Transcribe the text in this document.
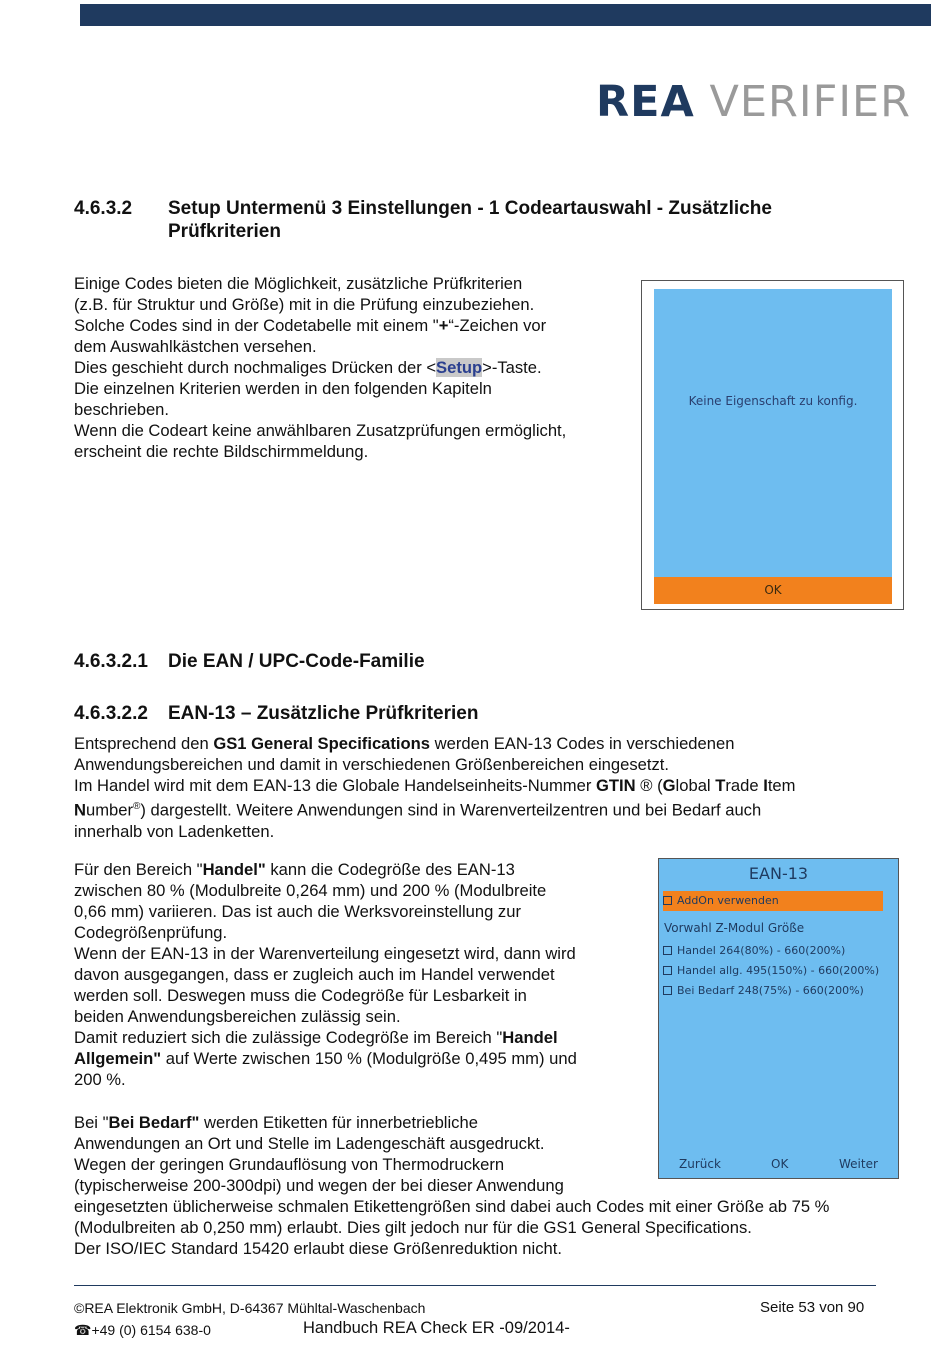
REA VERIFIER
4.6.3.2 Setup Untermenü 3 Einstellungen - 1 Codeartauswahl - Zusätzliche Prüfkriterien
Einige Codes bieten die Möglichkeit, zusätzliche Prüfkriterien
(z.B. für Struktur und Größe) mit in die Prüfung einzubeziehen.
Solche Codes sind in der Codetabelle mit einem "+“-Zeichen vor
dem Auswahlkästchen versehen.
Dies geschieht durch nochmaliges Drücken der <Setup>-Taste.
Die einzelnen Kriterien werden in den folgenden Kapiteln
beschrieben.
Wenn die Codeart keine anwählbaren Zusatzprüfungen ermöglicht,
erscheint die rechte Bildschirmmeldung.
Keine Eigenschaft zu konfig.
OK
4.6.3.2.1 Die EAN / UPC-Code-Familie
4.6.3.2.2 EAN-13 – Zusätzliche Prüfkriterien
Entsprechend den GS1 General Specifications werden EAN-13 Codes in verschiedenen
Anwendungsbereichen und damit in verschiedenen Größenbereichen eingesetzt.
Im Handel wird mit dem EAN-13 die Globale Handelseinheits-Nummer GTIN ® (Global Trade Item
Number®) dargestellt. Weitere Anwendungen sind in Warenverteilzentren und bei Bedarf auch
innerhalb von Ladenketten.
Für den Bereich "Handel" kann die Codegröße des EAN-13
zwischen 80 % (Modulbreite 0,264 mm) und 200 % (Modulbreite
0,66 mm) variieren. Das ist auch die Werksvoreinstellung zur
Codegrößenprüfung.
Wenn der EAN-13 in der Warenverteilung eingesetzt wird, dann wird
davon ausgegangen, dass er zugleich auch im Handel verwendet
werden soll. Deswegen muss die Codegröße für Lesbarkeit in
beiden Anwendungsbereichen zulässig sein.
Damit reduziert sich die zulässige Codegröße im Bereich "Handel
Allgemein" auf Werte zwischen 150 % (Modulgröße 0,495 mm) und
200 %.
Bei "Bei Bedarf" werden Etiketten für innerbetriebliche
Anwendungen an Ort und Stelle im Ladengeschäft ausgedruckt.
Wegen der geringen Grundauflösung von Thermodruckern
(typischerweise 200-300dpi) und wegen der bei dieser Anwendung
eingesetzten üblicherweise schmalen Etikettengrößen sind dabei auch Codes mit einer Größe ab 75 %
(Modulbreiten ab 0,250 mm) erlaubt. Dies gilt jedoch nur für die GS1 General Specifications.
Der ISO/IEC Standard 15420 erlaubt diese Größenreduktion nicht.
EAN-13
AddOn verwenden
Vorwahl Z-Modul Größe
Handel 264(80%) - 660(200%)
Handel allg. 495(150%) - 660(200%)
Bei Bedarf 248(75%) - 660(200%)
Zurück	OK	Weiter
©REA Elektronik GmbH, D-64367 Mühltal-Waschenbach	Seite 53 von 90
☎+49 (0) 6154 638-0	Handbuch REA Check ER -09/2014-
